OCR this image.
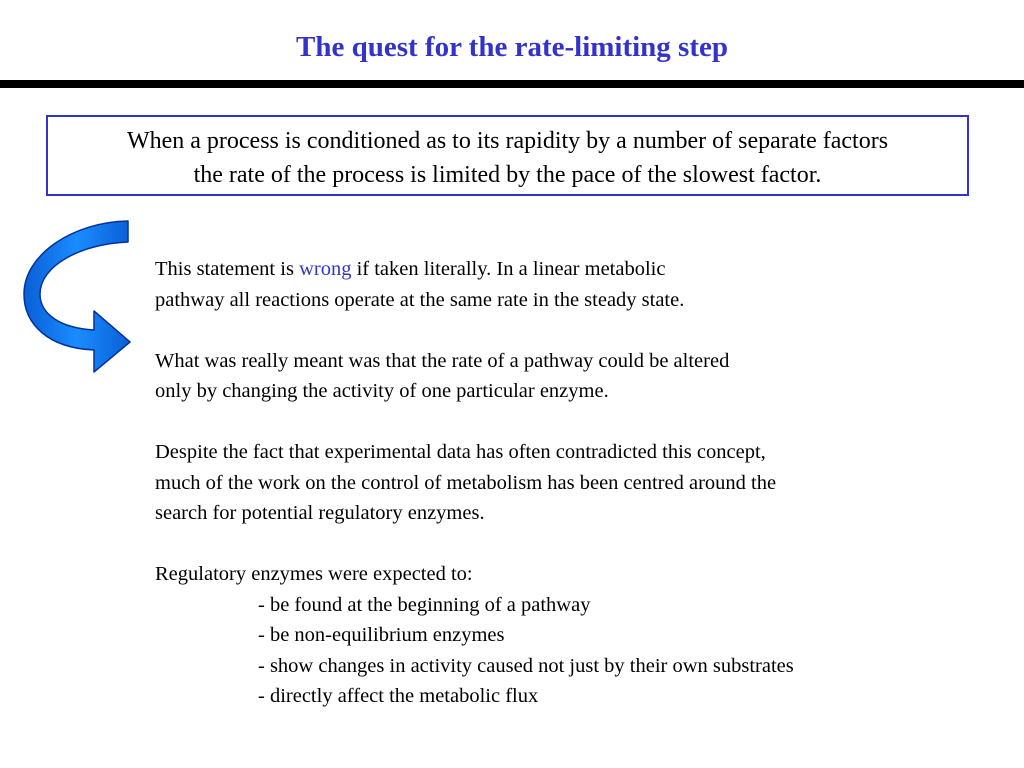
The quest for the rate-limiting step
When a process is conditioned as to its rapidity by a number of separate factors
the rate of the process is limited by the pace of the slowest factor.
This statement is wrong if taken literally. In a linear metabolic
pathway all reactions operate at the same rate in the steady state.
What was really meant was that the rate of a pathway could be altered
only by changing the activity of one particular enzyme.
Despite the fact that experimental data has often contradicted this concept,
much of the work on the control of metabolism has been centred around the
search for potential regulatory enzymes.
Regulatory enzymes were expected to:
- be found at the beginning of a pathway
- be non-equilibrium enzymes
- show changes in activity caused not just by their own substrates
- directly affect the metabolic flux
